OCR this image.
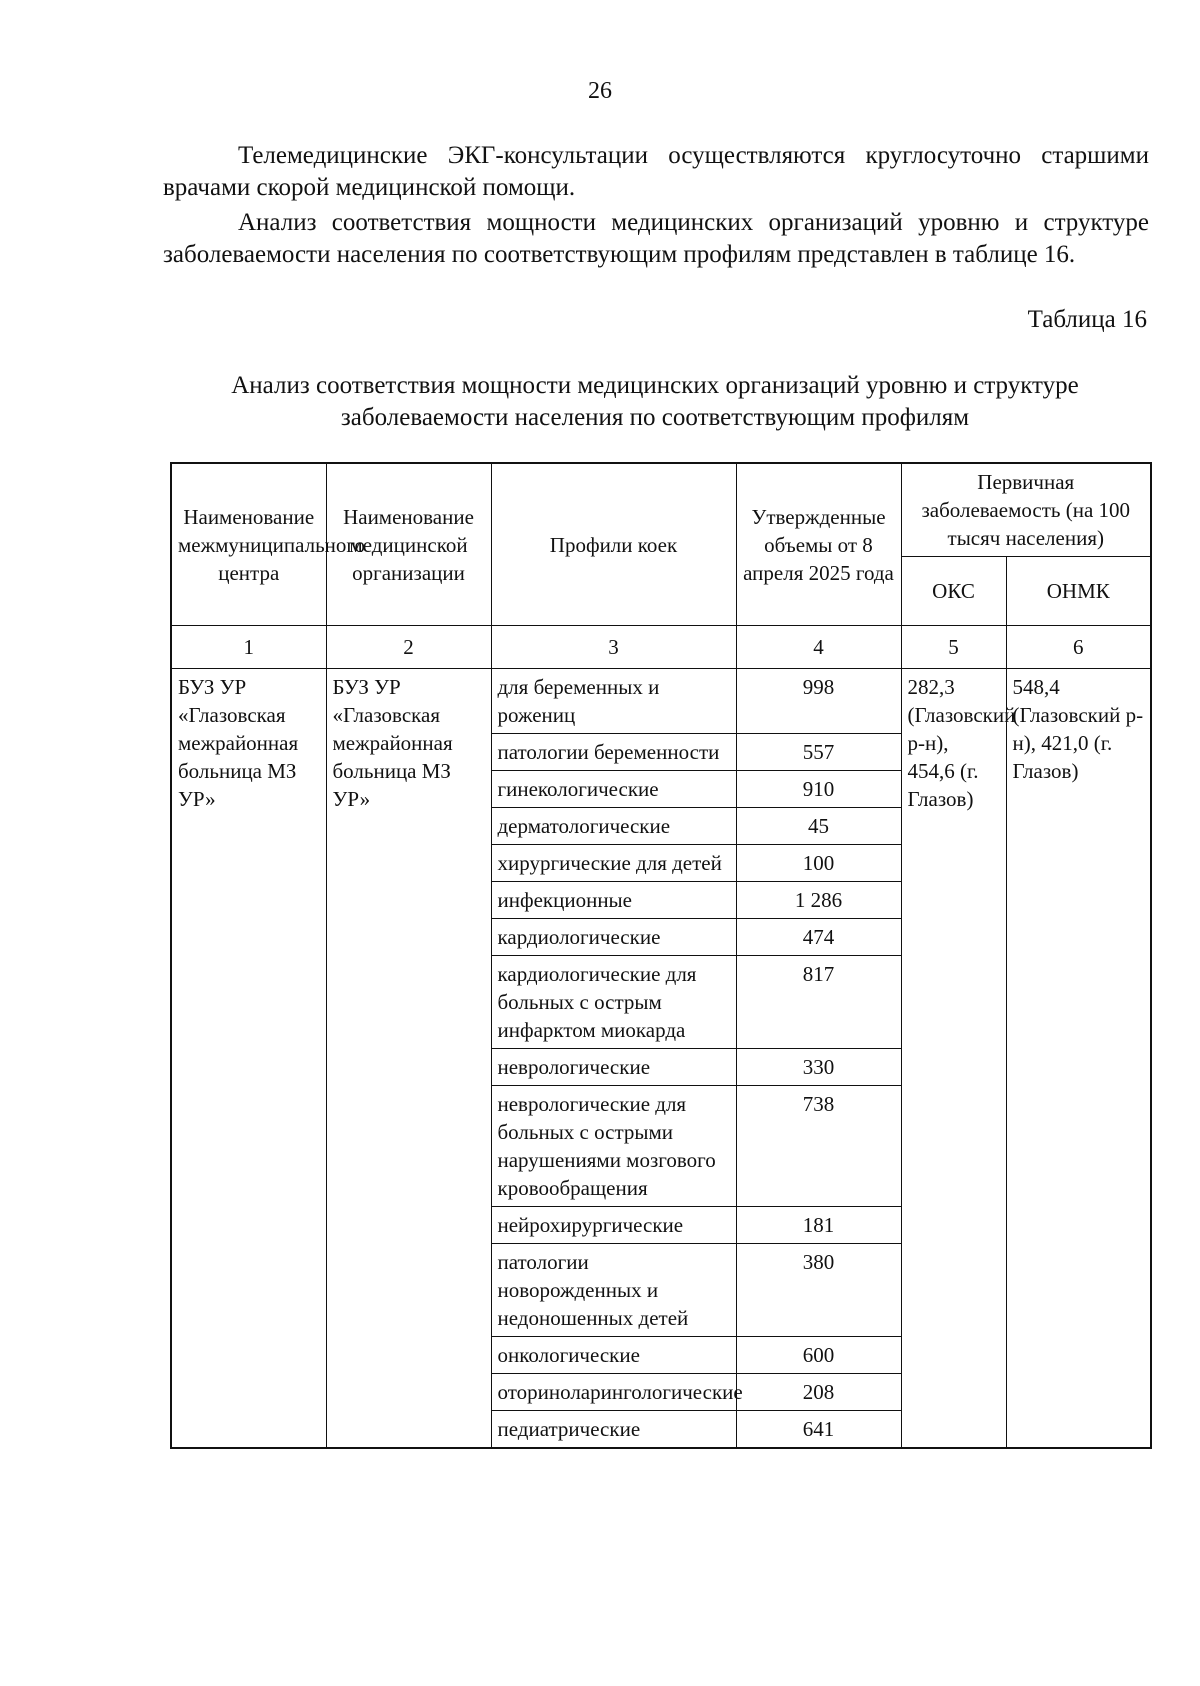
26
Телемедицинские ЭКГ-консультации осуществляются круглосуточно старшими врачами скорой медицинской помощи.
Анализ соответствия мощности медицинских организаций уровню и структуре заболеваемости населения по соответствующим профилям представлен в таблице 16.
Таблица 16
Анализ соответствия мощности медицинских организаций уровню и структуре заболеваемости населения по соответствующим профилям
Наименование межмуниципального центра	Наименование медицинской организации	Профили коек	Утвержденные объемы от 8 апреля 2025 года	Первичная заболеваемость (на 100 тысяч населения)	
				ОКС	ОНМК
1	2	3	4	5	6
БУЗ УР «Глазовская межрайонная больница МЗ УР»	БУЗ УР «Глазовская межрайонная больница МЗ УР»	для беременных и рожениц	998	282,3 (Глазовский р-н), 454,6 (г. Глазов)	548,4 (Глазовский р-н), 421,0 (г. Глазов)
		патологии беременности	557		
		гинекологические	910		
		дерматологические	45		
		хирургические для детей	100		
		инфекционные	1 286		
		кардиологические	474		
		кардиологические для больных с острым инфарктом миокарда	817		
		неврологические	330		
		неврологические для больных с острыми нарушениями мозгового кровообращения	738		
		нейрохирургические	181		
		патологии новорожденных и недоношенных детей	380		
		онкологические	600		
		оториноларингологические	208		
		педиатрические	641		
